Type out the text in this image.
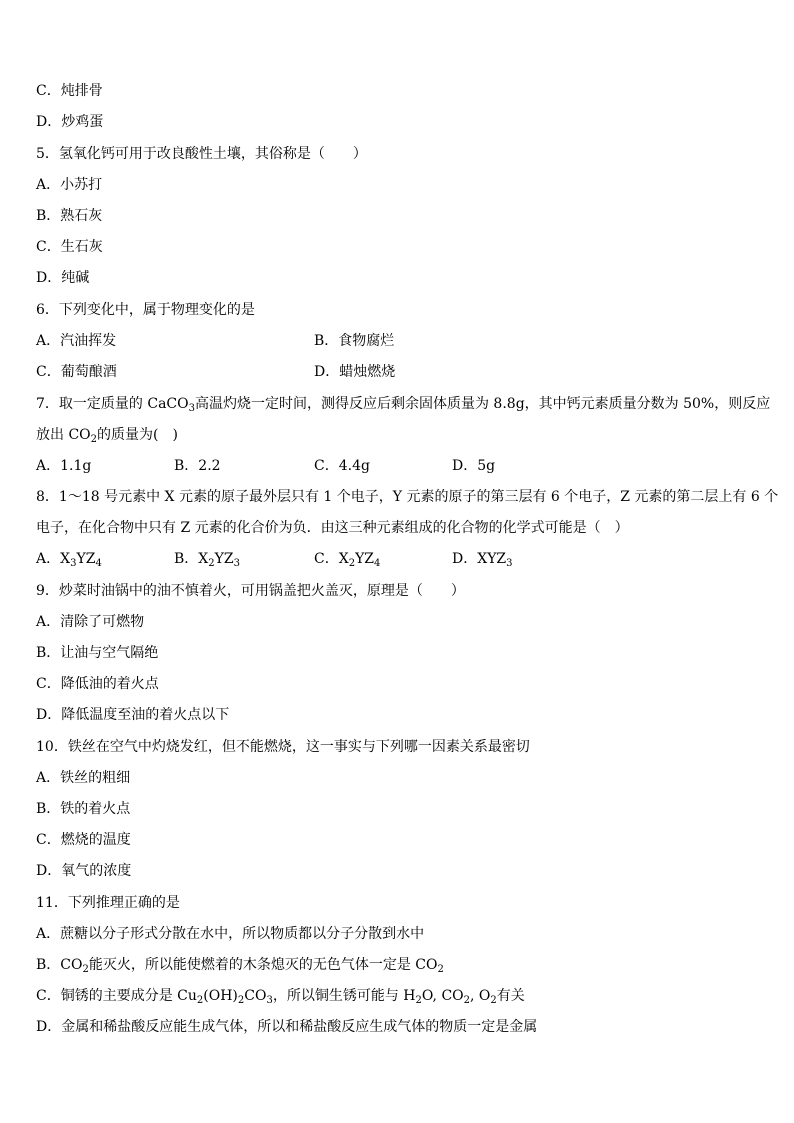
C．炖排骨
D．炒鸡蛋
5．氢氧化钙可用于改良酸性土壤，其俗称是（　　）
A．小苏打
B．熟石灰
C．生石灰
D．纯碱
6．下列变化中，属于物理变化的是
A．汽油挥发	B．食物腐烂
C．葡萄酿酒	D．蜡烛燃烧
7．取一定质量的 CaCO$_3$高温灼烧一定时间，测得反应后剩余固体质量为 8.8g，其中钙元素质量分数为 50%，则反应
放出 $CO_2$的质量为(　)
A．1.1g	B．2.2	C．4.4g	D．5g
8．1～18 号元素中 X 元素的原子最外层只有 1 个电子，Y 元素的原子的第三层有 6 个电子，Z 元素的第二层上有 6 个
电子，在化合物中只有 Z 元素的化合价为负．由这三种元素组成的化合物的化学式可能是（　）
A．$X_3YZ_4$	B．$X_2YZ_3$	C．$X_2YZ_4$	D．$XYZ_3$
9．炒菜时油锅中的油不慎着火，可用锅盖把火盖灭，原理是（　　）
A．清除了可燃物
B．让油与空气隔绝
C．降低油的着火点
D．降低温度至油的着火点以下
10．铁丝在空气中灼烧发红，但不能燃烧，这一事实与下列哪一因素关系最密切
A．铁丝的粗细
B．铁的着火点
C．燃烧的温度
D．氧气的浓度
11．下列推理正确的是
A．蔗糖以分子形式分散在水中，所以物质都以分子分散到水中
B．$CO_2$能灭火，所以能使燃着的木条熄灭的无色气体一定是 $CO_2$
C．铜锈的主要成分是 $Cu_2(OH)_2CO_3$，所以铜生锈可能与 $H_2O$, $CO_2$, $O_2$有关
D．金属和稀盐酸反应能生成气体，所以和稀盐酸反应生成气体的物质一定是金属
